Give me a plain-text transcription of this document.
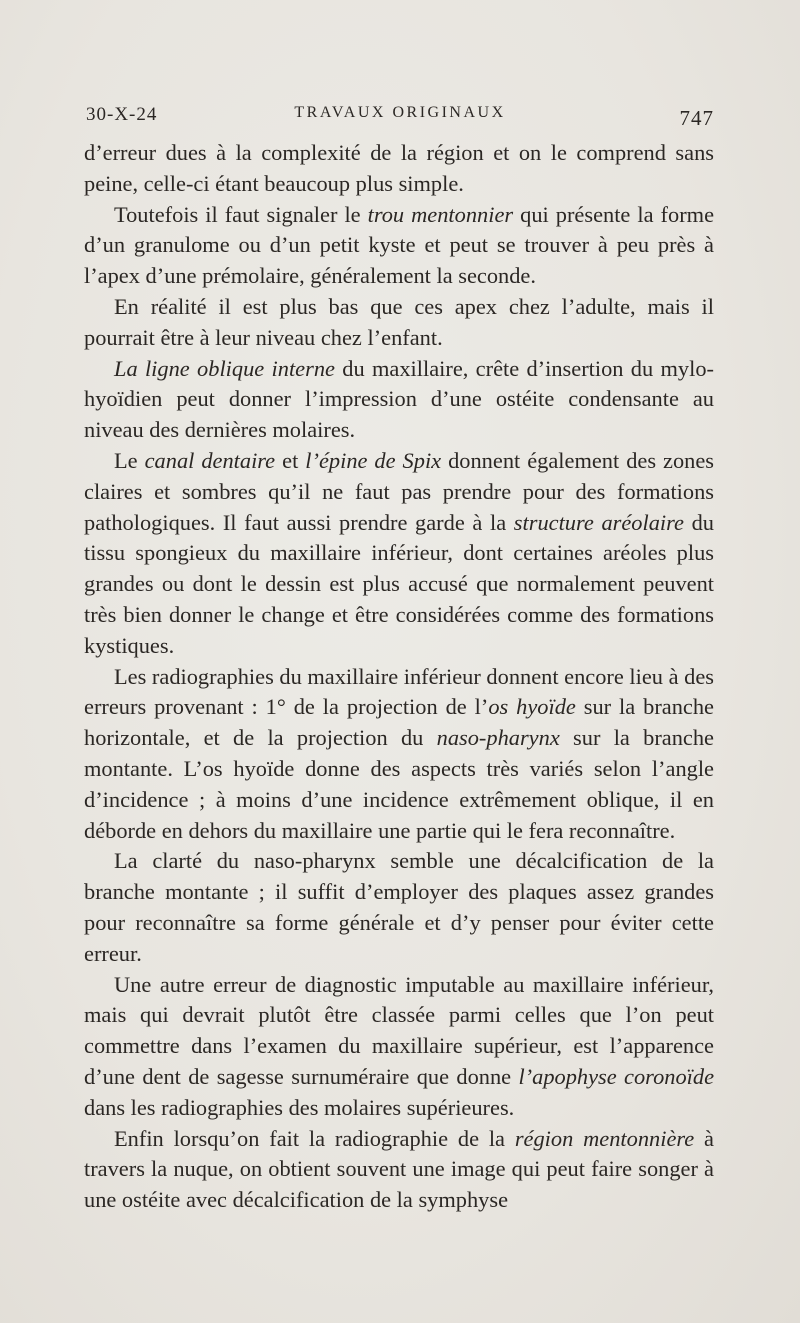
30-X-24	TRAVAUX ORIGINAUX	747

d’erreur dues à la complexité de la région et on le comprend sans peine, celle-ci étant beaucoup plus simple.

Toutefois il faut signaler le trou mentonnier qui présente la forme d’un granulome ou d’un petit kyste et peut se trouver à peu près à l’apex d’une prémolaire, généralement la seconde.

En réalité il est plus bas que ces apex chez l’adulte, mais il pourrait être à leur niveau chez l’enfant.

La ligne oblique interne du maxillaire, crête d’insertion du mylo-hyoïdien peut donner l’impression d’une ostéite condensante au niveau des dernières molaires.

Le canal dentaire et l’épine de Spix donnent également des zones claires et sombres qu’il ne faut pas prendre pour des formations pathologiques. Il faut aussi prendre garde à la structure aréolaire du tissu spongieux du maxillaire inférieur, dont certaines aréoles plus grandes ou dont le dessin est plus accusé que normalement peuvent très bien donner le change et être considérées comme des formations kystiques.

Les radiographies du maxillaire inférieur donnent encore lieu à des erreurs provenant : 1° de la projection de l’os hyoïde sur la branche horizontale, et de la projection du naso-pharynx sur la branche montante. L’os hyoïde donne des aspects très variés selon l’angle d’incidence ; à moins d’une incidence extrêmement oblique, il en déborde en dehors du maxillaire une partie qui le fera reconnaître.

La clarté du naso-pharynx semble une décalcification de la branche montante ; il suffit d’employer des plaques assez grandes pour reconnaître sa forme générale et d’y penser pour éviter cette erreur.

Une autre erreur de diagnostic imputable au maxillaire inférieur, mais qui devrait plutôt être classée parmi celles que l’on peut commettre dans l’examen du maxillaire supérieur, est l’apparence d’une dent de sagesse surnuméraire que donne l’apophyse coronoïde dans les radiographies des molaires supérieures.

Enfin lorsqu’on fait la radiographie de la région mentonnière à travers la nuque, on obtient souvent une image qui peut faire songer à une ostéite avec décalcification de la symphyse
